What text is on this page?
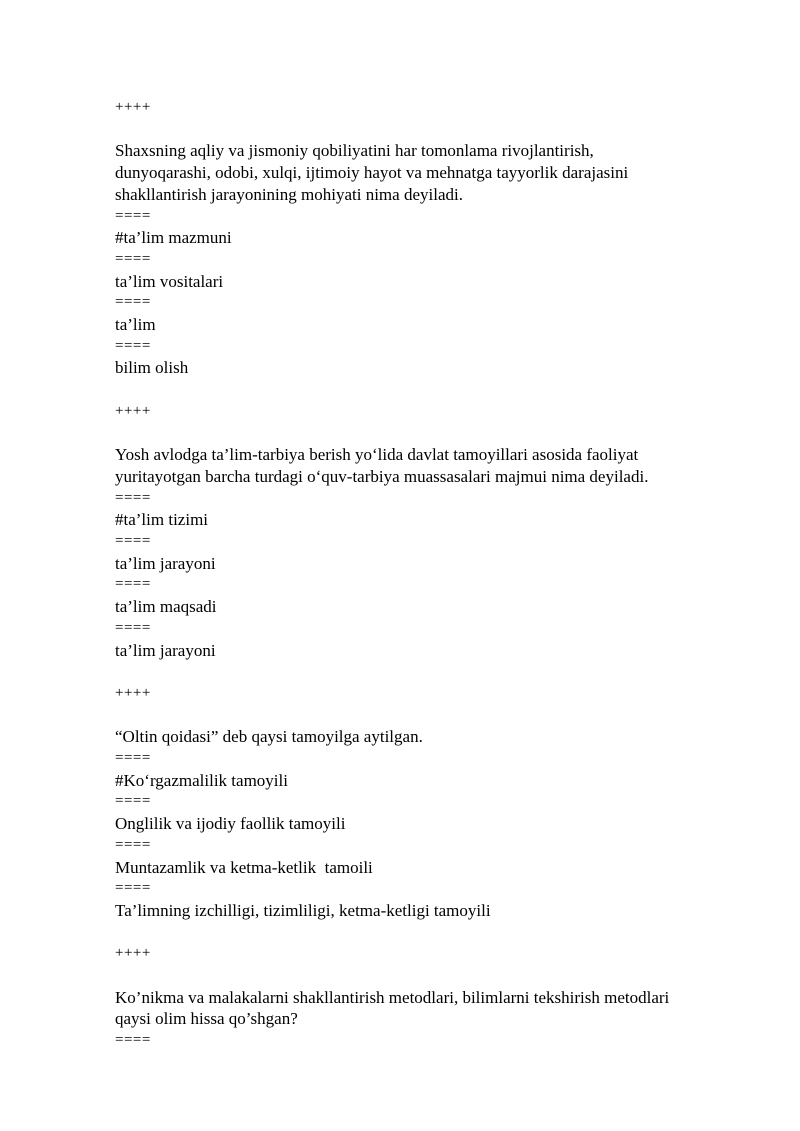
++++

Shaxsning aqliy va jismoniy qobiliyatini har tomonlama rivojlantirish,
dunyoqarashi, odobi, xulqi, ijtimoiy hayot va mehnatga tayyorlik darajasini
shakllantirish jarayonining mohiyati nima deyiladi.

====

#ta’lim mazmuni

====

ta’lim vositalari

====

ta’lim

====

bilim olish

++++

Yosh avlodga ta’lim-tarbiya berish yo‘lida davlat tamoyillari asosida faoliyat
yuritayotgan barcha turdagi o‘quv-tarbiya muassasalari majmui nima deyiladi.

====

#ta’lim tizimi

====

ta’lim jarayoni

====

ta’lim maqsadi

====

ta’lim jarayoni

++++

“Oltin qoidasi” deb qaysi tamoyilga aytilgan.

====

#Ko‘rgazmalilik tamoyili

====

Onglilik va ijodiy faollik tamoyili

====

Muntazamlik va ketma-ketlik  tamoili

====

Ta’limning izchilligi, tizimliligi, ketma-ketligi tamoyili

++++

Ko’nikma va malakalarni shakllantirish metodlari, bilimlarni tekshirish metodlari
qaysi olim hissa qo’shgan?

====
